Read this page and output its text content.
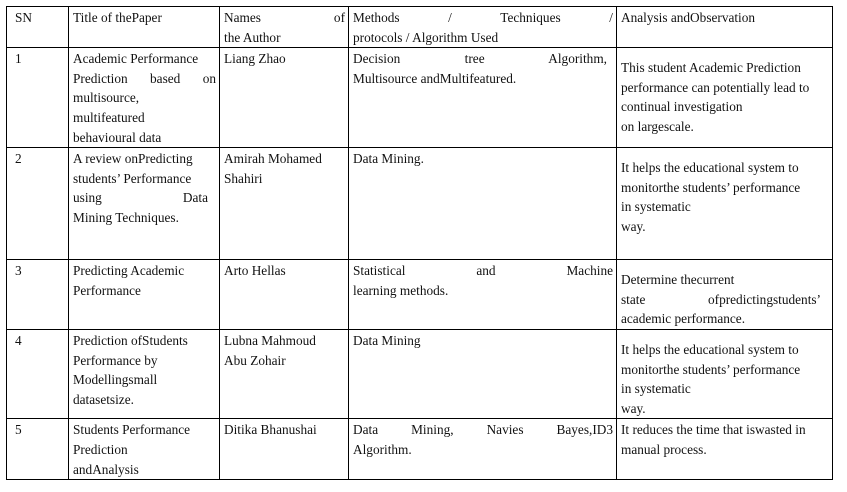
SN	Title of thePaper	Names of
the Author	Methods / Techniques /
protocols / Algorithm Used	Analysis andObservation
1	Academic Performance
Prediction based on
multisource,
multifeatured
behavioural data	Liang Zhao	Decision tree Algorithm,
Multisource andMultifeatured.	This student Academic Prediction
performance can potentially lead to
continual investigation
on largescale.

2	A review onPredicting
students’ Performance
using Data
Mining Techniques.	Amirah Mohamed
Shahiri	Data Mining.	It helps the educational system to
monitorthe students’ performance
in systematic
way.

3	Predicting Academic
Performance	Arto Hellas	Statistical and Machine
learning methods.	Determine thecurrent
state ofpredictingstudents’
academic performance.

4	Prediction ofStudents
Performance by
Modellingsmall
datasetsize.	Lubna Mahmoud
Abu Zohair	Data Mining	It helps the educational system to
monitorthe students’ performance
in systematic
way.

5	Students Performance
Prediction
andAnalysis	Ditika Bhanushai	Data Mining, Navies Bayes,ID3
Algorithm.	It reduces the time that iswasted in
manual process.
